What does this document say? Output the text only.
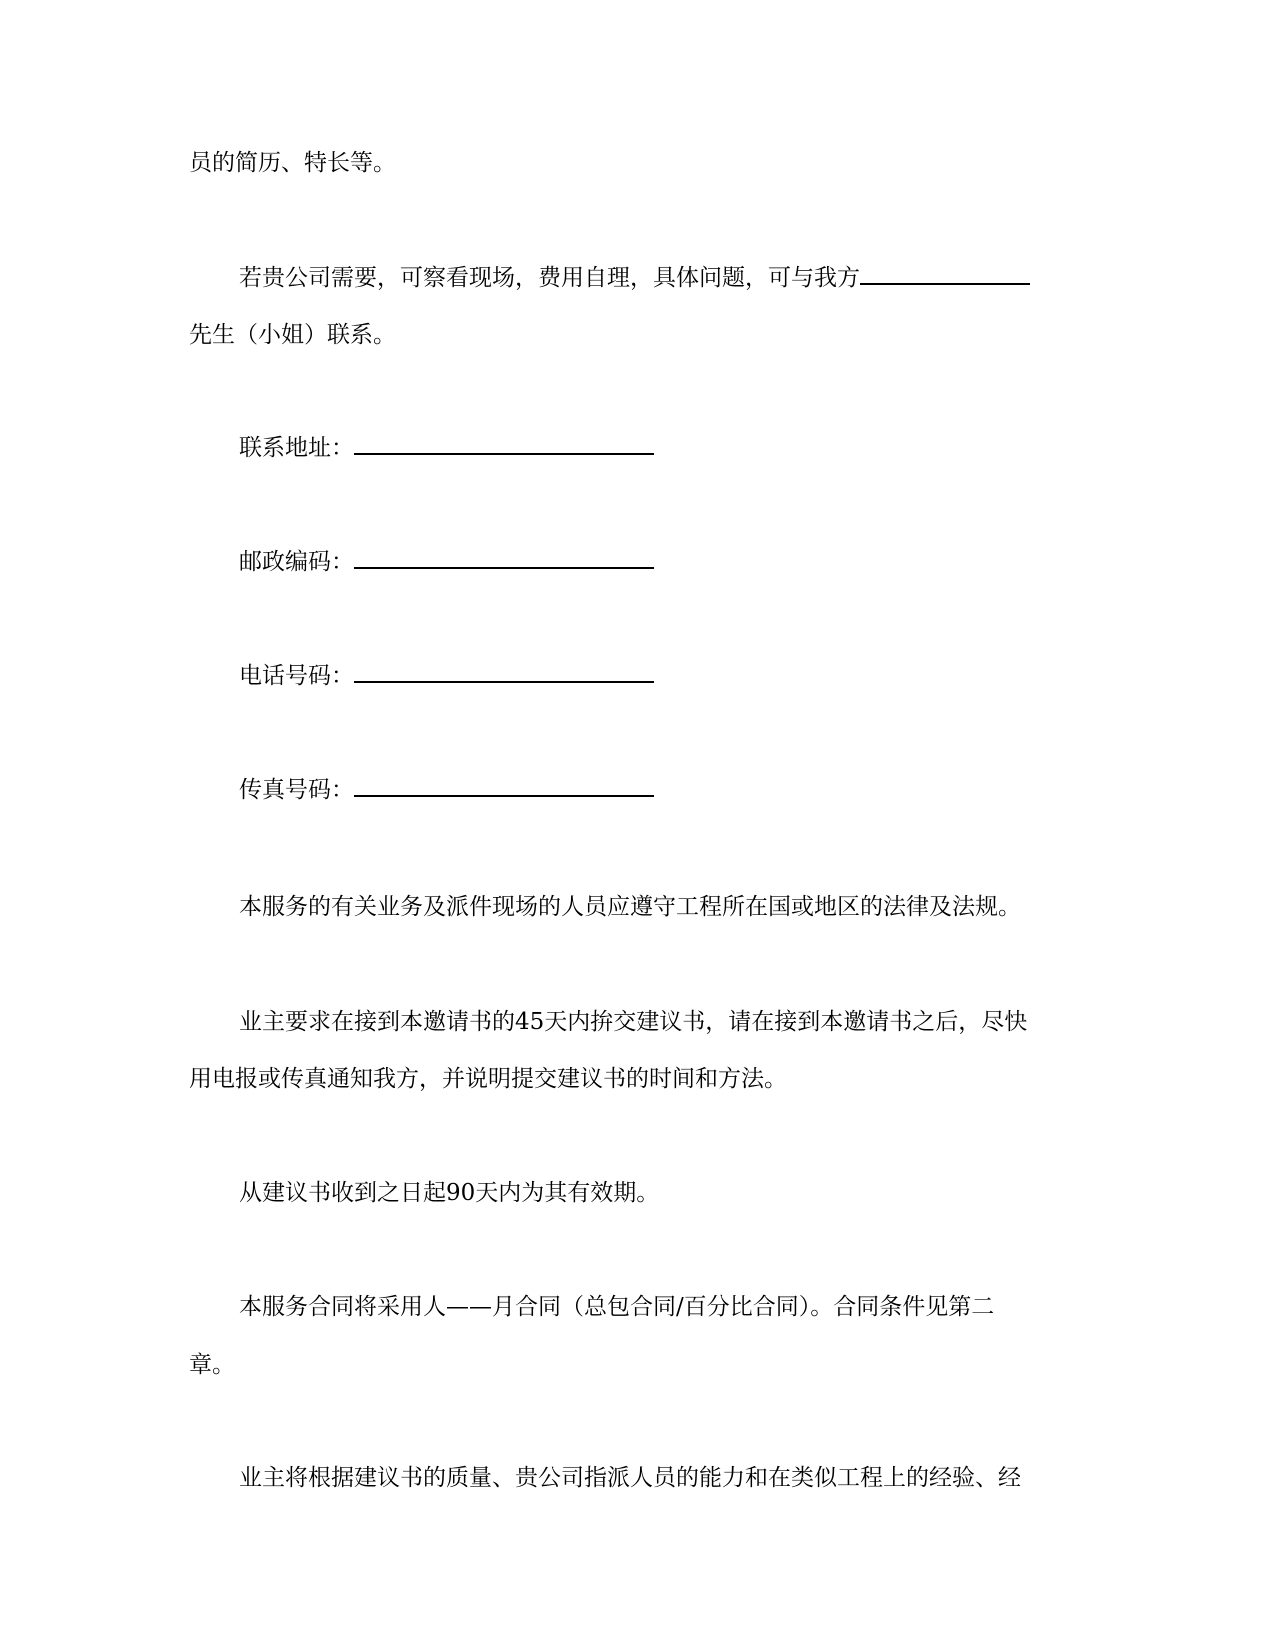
员的简历、特长等。
若贵公司需要，可察看现场，费用自理，具体问题，可与我方
先生（小姐）联系。
联系地址：
邮政编码：
电话号码：
传真号码：
本服务的有关业务及派件现场的人员应遵守工程所在国或地区的法律及法规。
业主要求在接到本邀请书的45天内拚交建议书，请在接到本邀请书之后，尽快
用电报或传真通知我方，并说明提交建议书的时间和方法。
从建议书收到之日起90天内为其有效期。
本服务合同将采用人——月合同（总包合同/百分比合同）。合同条件见第二
章。
业主将根据建议书的质量、贵公司指派人员的能力和在类似工程上的经验、经
